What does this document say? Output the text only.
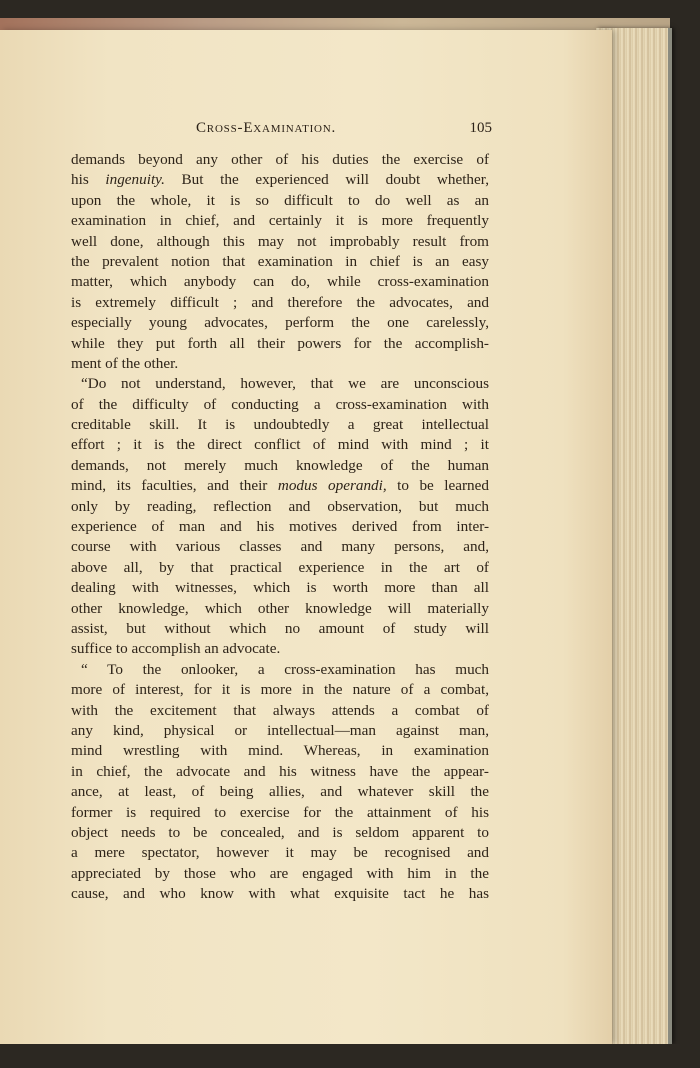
Cross-Examination.	105
demands beyond any other of his duties the exercise of
his ingenuity. But the experienced will doubt whether,
upon the whole, it is so difficult to do well as an
examination in chief, and certainly it is more frequently
well done, although this may not improbably result from
the prevalent notion that examination in chief is an easy
matter, which anybody can do, while cross-examination
is extremely difficult ; and therefore the advocates, and
especially young advocates, perform the one carelessly,
while they put forth all their powers for the accomplish-
ment of the other.
“Do not understand, however, that we are unconscious
of the difficulty of conducting a cross-examination with
creditable skill. It is undoubtedly a great intellectual
effort ; it is the direct conflict of mind with mind ; it
demands, not merely much knowledge of the human
mind, its faculties, and their modus operandi, to be learned
only by reading, reflection and observation, but much
experience of man and his motives derived from inter-
course with various classes and many persons, and,
above all, by that practical experience in the art of
dealing with witnesses, which is worth more than all
other knowledge, which other knowledge will materially
assist, but without which no amount of study will
suffice to accomplish an advocate.
“ To the onlooker, a cross-examination has much
more of interest, for it is more in the nature of a combat,
with the excitement that always attends a combat of
any kind, physical or intellectual—man against man,
mind wrestling with mind. Whereas, in examination
in chief, the advocate and his witness have the appear-
ance, at least, of being allies, and whatever skill the
former is required to exercise for the attainment of his
object needs to be concealed, and is seldom apparent to
a mere spectator, however it may be recognised and
appreciated by those who are engaged with him in the
cause, and who know with what exquisite tact he has
